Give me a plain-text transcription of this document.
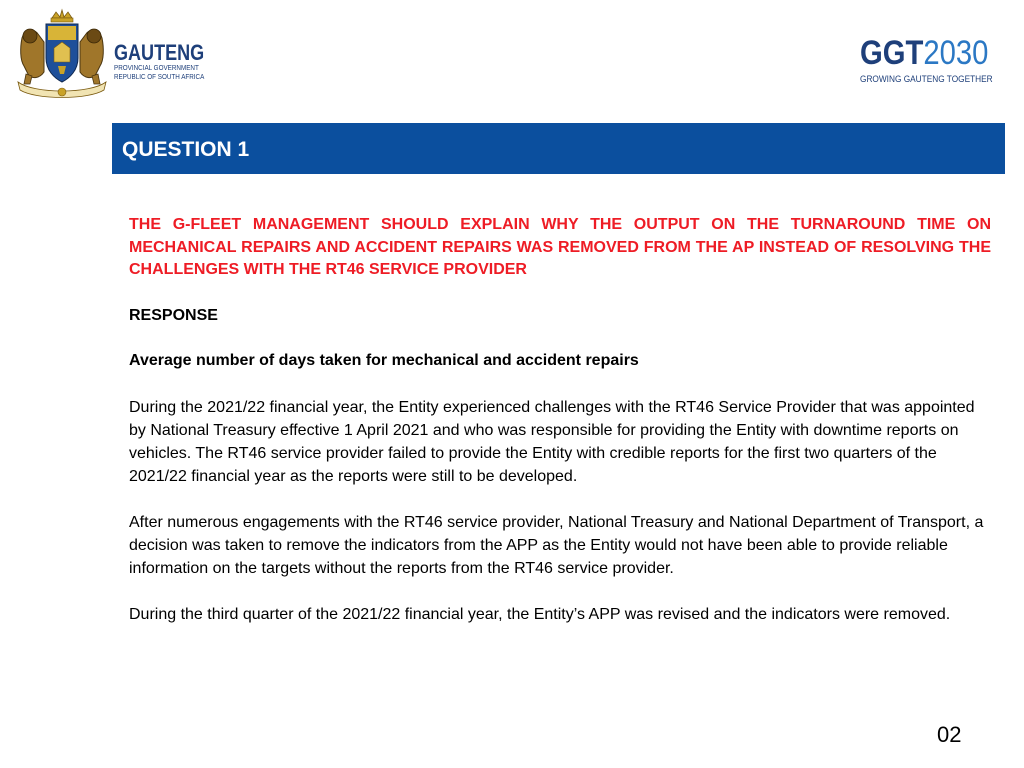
GAUTENG
PROVINCIAL GOVERNMENT
REPUBLIC OF SOUTH AFRICA
GGT2030
GROWING GAUTENG TOGETHER
QUESTION 1

THE G-FLEET MANAGEMENT SHOULD EXPLAIN WHY THE OUTPUT ON THE TURNAROUND TIME ON MECHANICAL REPAIRS AND ACCIDENT REPAIRS WAS REMOVED FROM THE AP INSTEAD OF RESOLVING THE CHALLENGES WITH THE RT46 SERVICE PROVIDER

RESPONSE

Average number of days taken for mechanical and accident repairs

During the 2021/22 financial year, the Entity experienced challenges with the RT46 Service Provider that was appointed by National Treasury effective 1 April 2021 and who was responsible for providing the Entity with downtime reports on vehicles. The RT46 service provider failed to provide the Entity with credible reports for the first two quarters of the 2021/22 financial year as the reports were still to be developed.

After numerous engagements with the RT46 service provider, National Treasury and National Department of Transport, a decision was taken to remove the indicators from the APP as the Entity would not have been able to provide reliable information on the targets without the reports from the RT46 service provider.

During the third quarter of the 2021/22 financial year, the Entity’s APP was revised and the indicators were removed.

02
